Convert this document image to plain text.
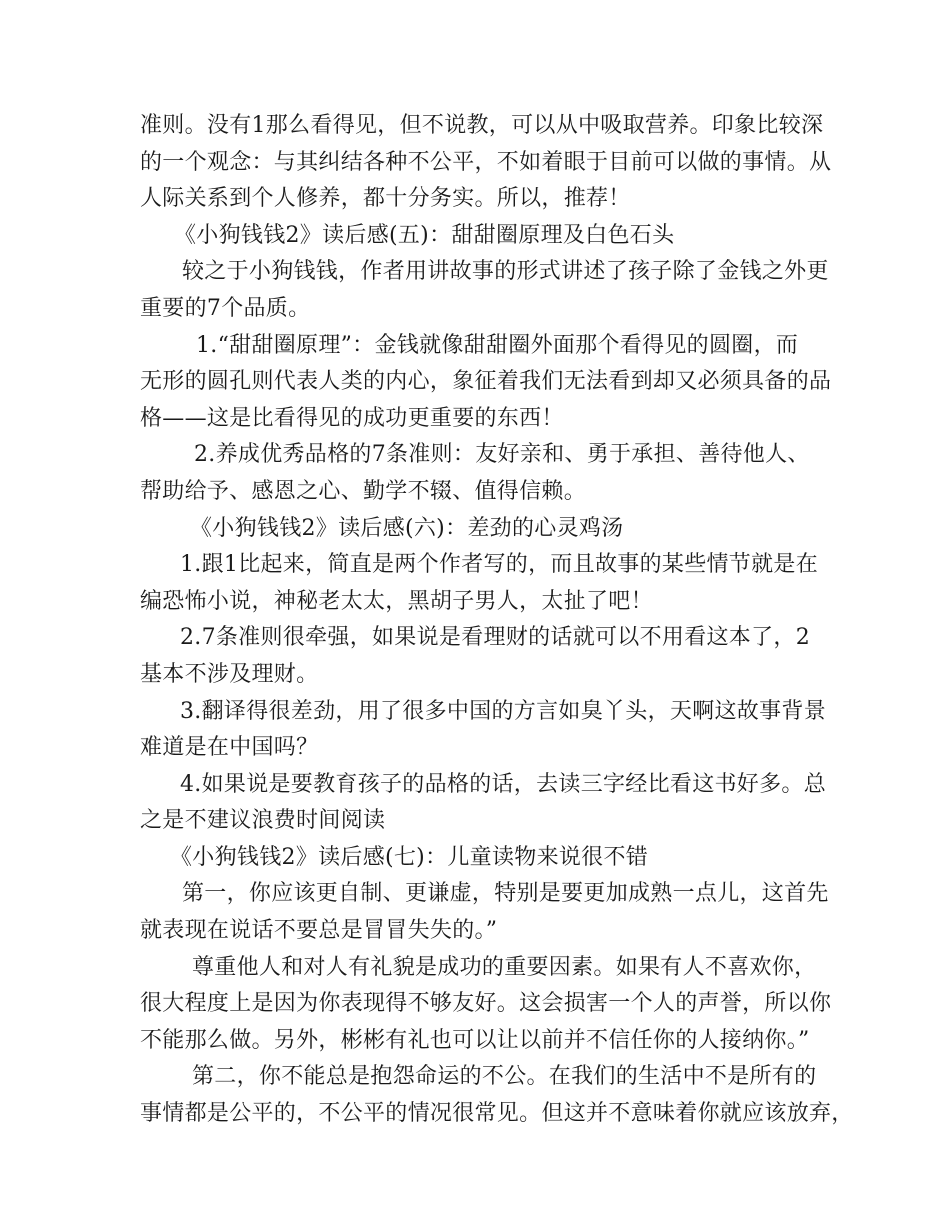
准则。没有1那么看得见，但不说教，可以从中吸取营养。印象比较深
的一个观念：与其纠结各种不公平，不如着眼于目前可以做的事情。从
人际关系到个人修养，都十分务实。所以，推荐！
《小狗钱钱2》读后感(五)：甜甜圈原理及白色石头
较之于小狗钱钱，作者用讲故事的形式讲述了孩子除了金钱之外更
重要的7个品质。
1.“甜甜圈原理”：金钱就像甜甜圈外面那个看得见的圆圈，而
无形的圆孔则代表人类的内心，象征着我们无法看到却又必须具备的品
格——这是比看得见的成功更重要的东西！
2.养成优秀品格的7条准则：友好亲和、勇于承担、善待他人、
帮助给予、感恩之心、勤学不辍、值得信赖。
《小狗钱钱2》读后感(六)：差劲的心灵鸡汤
1.跟1比起来，简直是两个作者写的，而且故事的某些情节就是在
编恐怖小说，神秘老太太，黑胡子男人，太扯了吧！
2.7条准则很牵强，如果说是看理财的话就可以不用看这本了，2
基本不涉及理财。
3.翻译得很差劲，用了很多中国的方言如臭丫头，天啊这故事背景
难道是在中国吗？
4.如果说是要教育孩子的品格的话，去读三字经比看这书好多。总
之是不建议浪费时间阅读
《小狗钱钱2》读后感(七)：儿童读物来说很不错
第一，你应该更自制、更谦虚，特别是要更加成熟一点儿，这首先
就表现在说话不要总是冒冒失失的。”
尊重他人和对人有礼貌是成功的重要因素。如果有人不喜欢你，
很大程度上是因为你表现得不够友好。这会损害一个人的声誉，所以你
不能那么做。另外，彬彬有礼也可以让以前并不信任你的人接纳你。”
第二，你不能总是抱怨命运的不公。在我们的生活中不是所有的
事情都是公平的，不公平的情况很常见。但这并不意味着你就应该放弃，
